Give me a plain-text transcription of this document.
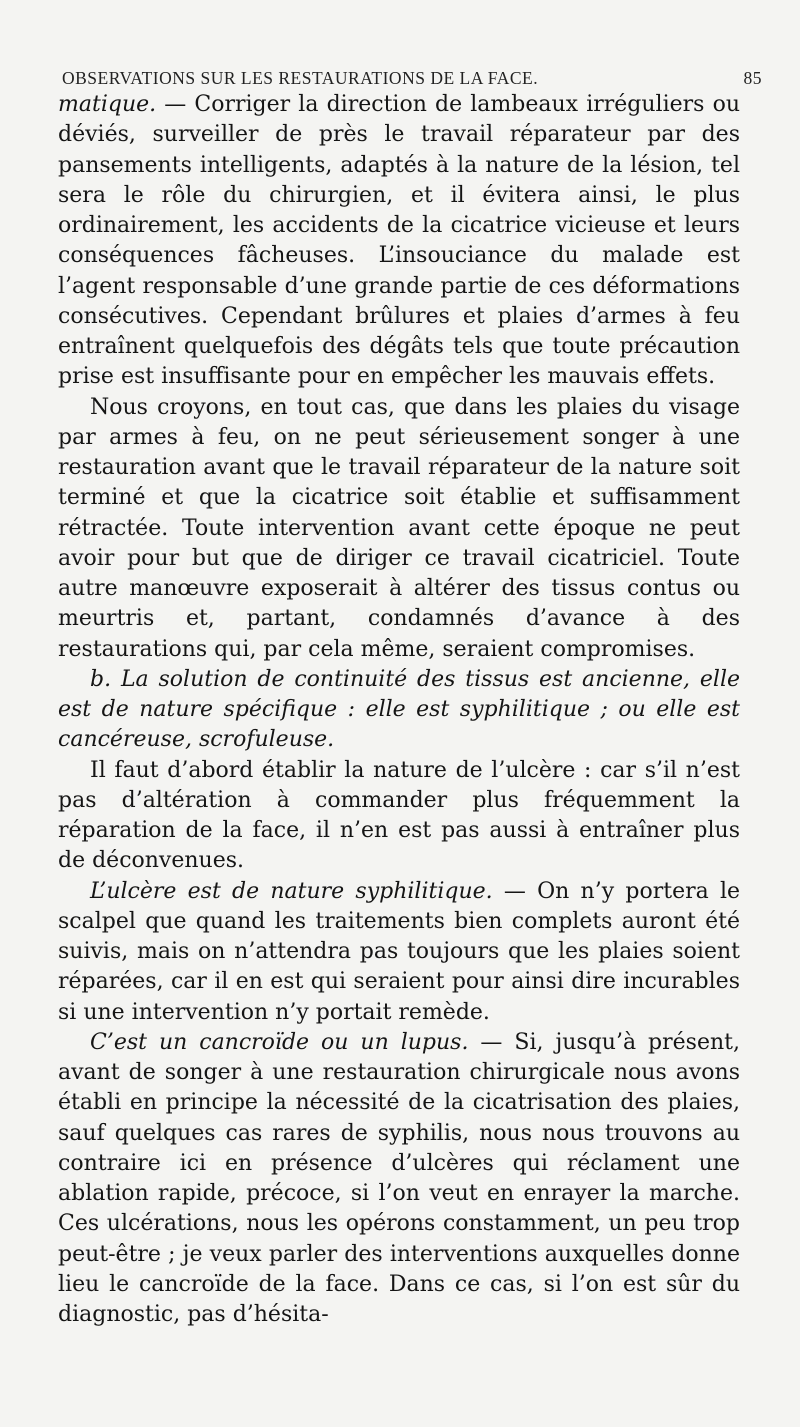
OBSERVATIONS SUR LES RESTAURATIONS DE LA FACE.	85

matique. — Corriger la direction de lambeaux irréguliers ou déviés, surveiller de près le travail réparateur par des pansements intelligents, adaptés à la nature de la lésion, tel sera le rôle du chirurgien, et il évitera ainsi, le plus ordinairement, les accidents de la cicatrice vicieuse et leurs conséquences fâcheuses. L’insouciance du malade est l’agent responsable d’une grande partie de ces déformations consécutives. Cependant brûlures et plaies d’armes à feu entraînent quelquefois des dégâts tels que toute précaution prise est insuffisante pour en empêcher les mauvais effets.

Nous croyons, en tout cas, que dans les plaies du visage par armes à feu, on ne peut sérieusement songer à une restauration avant que le travail réparateur de la nature soit terminé et que la cicatrice soit établie et suffisamment rétractée. Toute intervention avant cette époque ne peut avoir pour but que de diriger ce travail cicatriciel. Toute autre manœuvre exposerait à altérer des tissus contus ou meurtris et, partant, condamnés d’avance à des restaurations qui, par cela même, seraient compromises.

b. La solution de continuité des tissus est ancienne, elle est de nature spécifique : elle est syphilitique ; ou elle est cancéreuse, scrofuleuse.

Il faut d’abord établir la nature de l’ulcère : car s’il n’est pas d’altération à commander plus fréquemment la réparation de la face, il n’en est pas aussi à entraîner plus de déconvenues.

L’ulcère est de nature syphilitique. — On n’y portera le scalpel que quand les traitements bien complets auront été suivis, mais on n’attendra pas toujours que les plaies soient réparées, car il en est qui seraient pour ainsi dire incurables si une intervention n’y portait remède.

C’est un cancroïde ou un lupus. — Si, jusqu’à présent, avant de songer à une restauration chirurgicale nous avons établi en principe la nécessité de la cicatrisation des plaies, sauf quelques cas rares de syphilis, nous nous trouvons au contraire ici en présence d’ulcères qui réclament une ablation rapide, précoce, si l’on veut en enrayer la marche. Ces ulcérations, nous les opérons constamment, un peu trop peut-être ; je veux parler des interventions auxquelles donne lieu le cancroïde de la face. Dans ce cas, si l’on est sûr du diagnostic, pas d’hésita-
